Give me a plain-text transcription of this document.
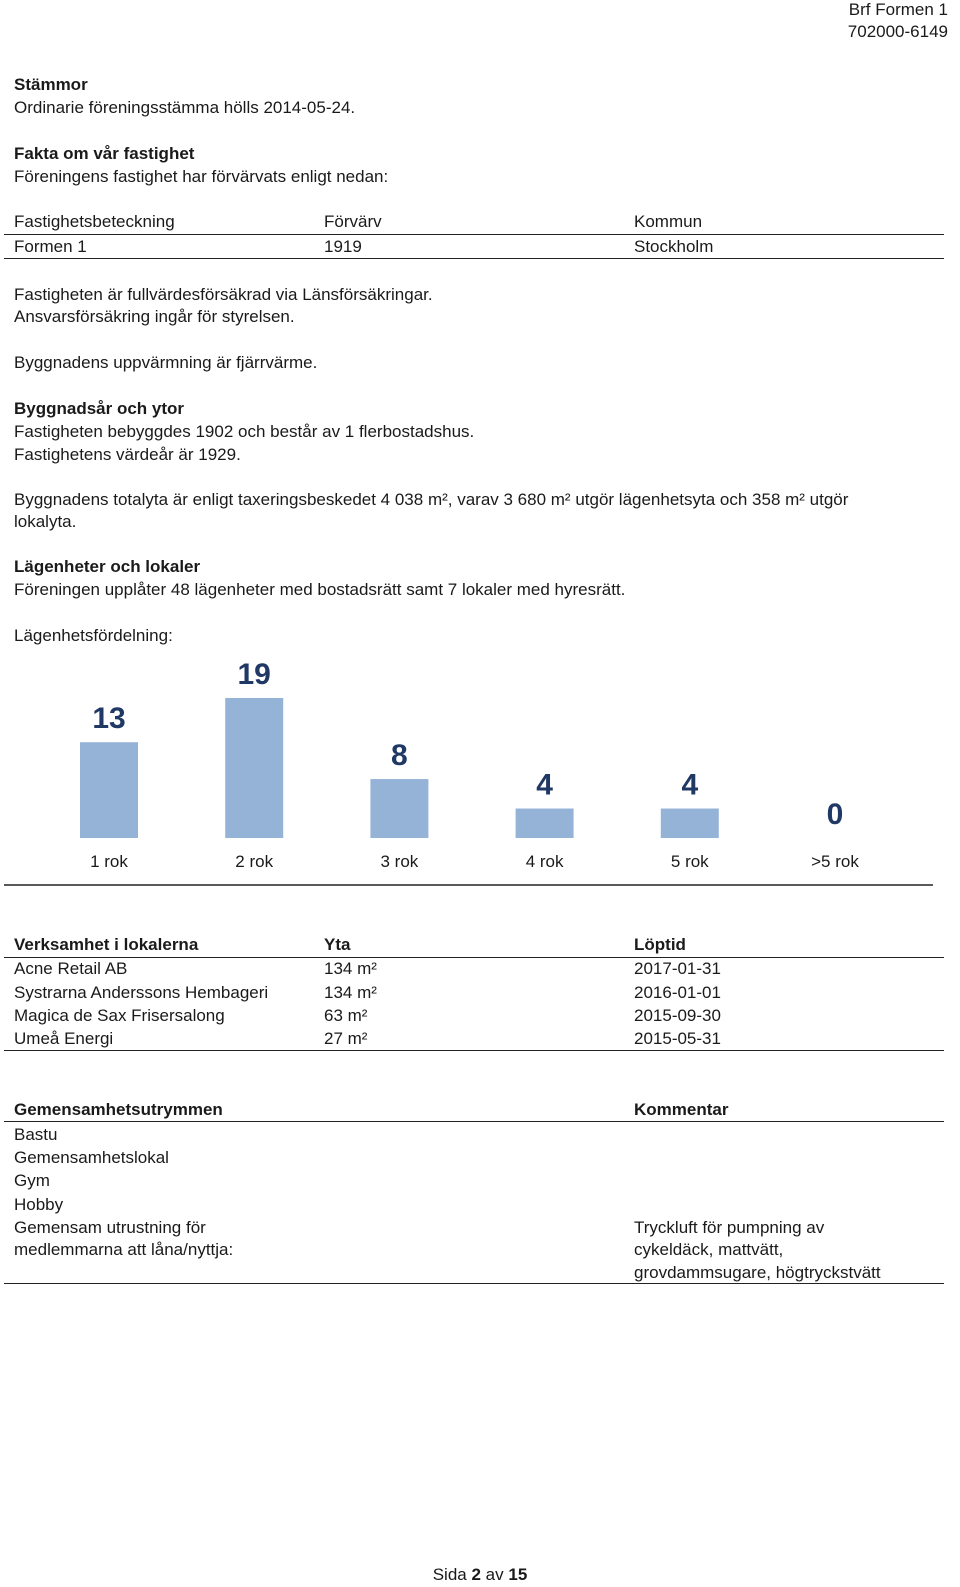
Brf Formen 1
702000-6149
Stämmor
Ordinarie föreningsstämma hölls 2014-05-24.
Fakta om vår fastighet
Föreningens fastighet har förvärvats enligt nedan:
Fastighetsbeteckning	Förvärv	Kommun
Formen 1	1919	Stockholm
Fastigheten är fullvärdesförsäkrad via Länsförsäkringar.
Ansvarsförsäkring ingår för styrelsen.
Byggnadens uppvärmning är fjärrvärme.
Byggnadsår och ytor
Fastigheten bebyggdes 1902 och består av 1 flerbostadshus.
Fastighetens värdeår är 1929.
Byggnadens totalyta är enligt taxeringsbeskedet 4 038 m², varav 3 680 m² utgör lägenhetsyta och 358 m² utgör
lokalyta.
Lägenheter och lokaler
Föreningen upplåter 48 lägenheter med bostadsrätt samt 7 lokaler med hyresrätt.
Lägenhetsfördelning:
13
1 rok
19
2 rok
8
3 rok
4
4 rok
4
5 rok
0
>5 rok
Verksamhet i lokalerna	Yta	Löptid
Acne Retail AB	134 m²	2017-01-31
Systrarna Anderssons Hembageri	134 m²	2016-01-01
Magica de Sax Frisersalong	63 m²	2015-09-30
Umeå Energi	27 m²	2015-05-31
Gemensamhetsutrymmen	Kommentar
Bastu
Gemensamhetslokal
Gym
Hobby
Gemensam utrustning för
medlemmarna att låna/nyttja:
Tryckluft för pumpning av
cykeldäck, mattvätt,
grovdammsugare, högtryckstvätt
Sida 2 av 15
